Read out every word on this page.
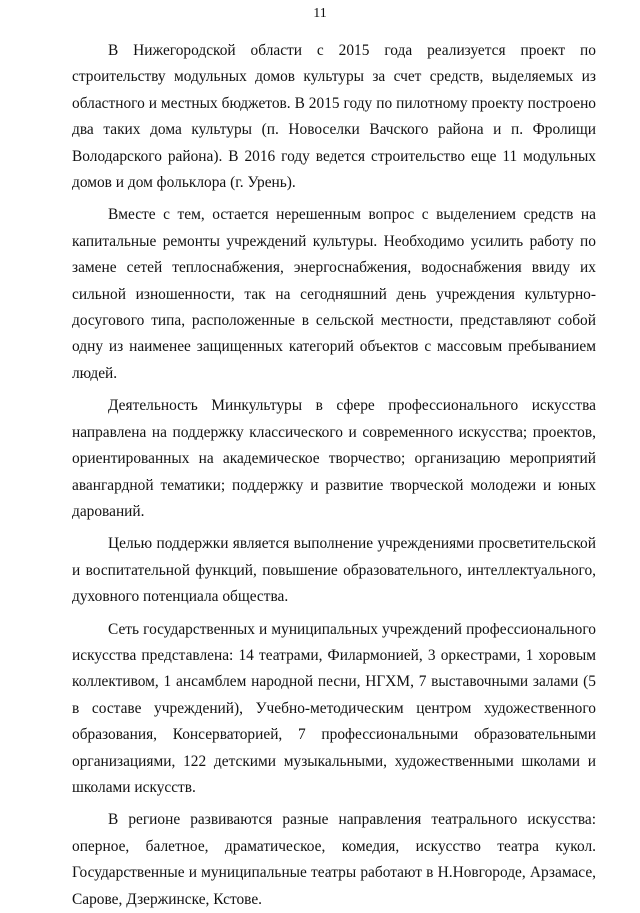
11

В Нижегородской области с 2015 года реализуется проект по строительству модульных домов культуры за счет средств, выделяемых из областного и местных бюджетов. В 2015 году по пилотному проекту построено два таких дома культуры (п. Новоселки Вачского района и п. Фролищи Володарского района). В 2016 году ведется строительство еще 11 модульных домов и дом фольклора (г. Урень).

Вместе с тем, остается нерешенным вопрос с выделением средств на капитальные ремонты учреждений культуры. Необходимо усилить работу по замене сетей теплоснабжения, энергоснабжения, водоснабжения ввиду их сильной изношенности, так на сегодняшний день учреждения культурно-досугового типа, расположенные в сельской местности, представляют собой одну из наименее защищенных категорий объектов с массовым пребыванием людей.

Деятельность Минкультуры в сфере профессионального искусства направлена на поддержку классического и современного искусства; проектов, ориентированных на академическое творчество; организацию мероприятий авангардной тематики; поддержку и развитие творческой молодежи и юных дарований.

Целью поддержки является выполнение учреждениями просветительской и воспитательной функций, повышение образовательного, интеллектуального, духовного потенциала общества.

Сеть государственных и муниципальных учреждений профессионального искусства представлена: 14 театрами, Филармонией, 3 оркестрами, 1 хоровым коллективом, 1 ансамблем народной песни, НГХМ, 7 выставочными залами (5 в составе учреждений), Учебно-методическим центром художественного образования, Консерваторией, 7 профессиональными образовательными организациями, 122 детскими музыкальными, художественными школами и школами искусств.

В регионе развиваются разные направления театрального искусства: оперное, балетное, драматическое, комедия, искусство театра кукол. Государственные и муниципальные театры работают в Н.Новгороде, Арзамасе, Сарове, Дзержинске, Кстове.
